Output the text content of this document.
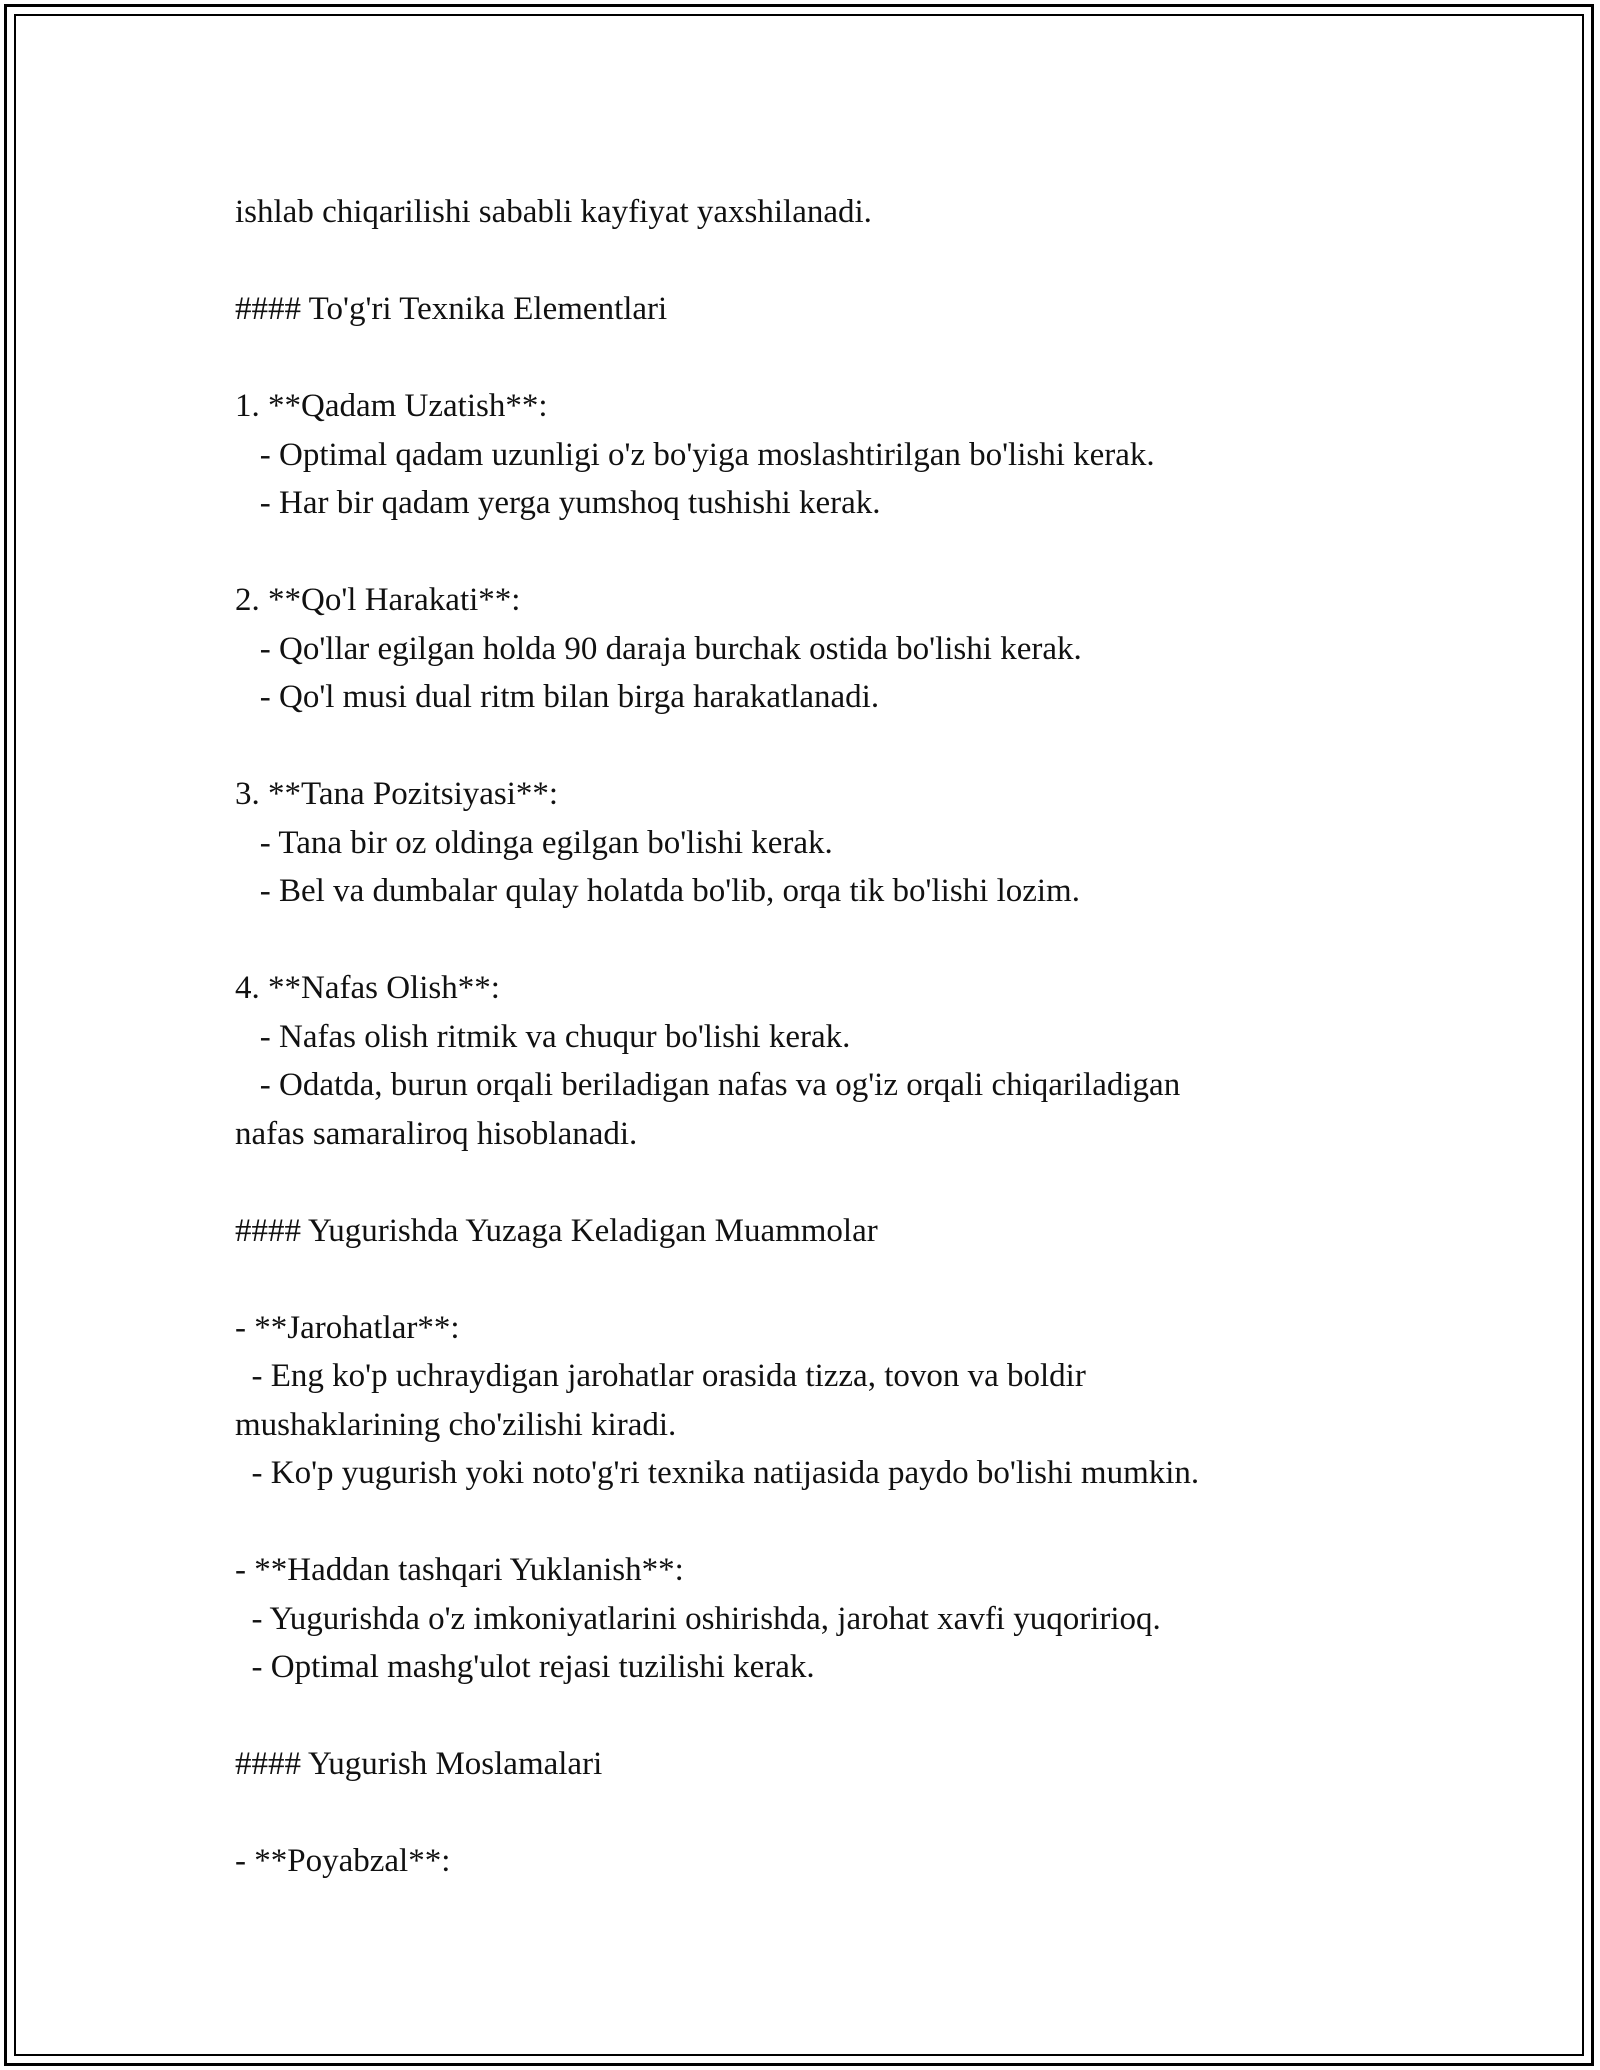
ishlab chiqarilishi sababli kayfiyat yaxshilanadi.
#### To'g'ri Texnika Elementlari
1. **Qadam Uzatish**:
- Optimal qadam uzunligi o'z bo'yiga moslashtirilgan bo'lishi kerak.
- Har bir qadam yerga yumshoq tushishi kerak.
2. **Qo'l Harakati**:
- Qo'llar egilgan holda 90 daraja burchak ostida bo'lishi kerak.
- Qo'l musi dual ritm bilan birga harakatlanadi.
3. **Tana Pozitsiyasi**:
- Tana bir oz oldinga egilgan bo'lishi kerak.
- Bel va dumbalar qulay holatda bo'lib, orqa tik bo'lishi lozim.
4. **Nafas Olish**:
- Nafas olish ritmik va chuqur bo'lishi kerak.
- Odatda, burun orqali beriladigan nafas va og'iz orqali chiqariladigan
nafas samaraliroq hisoblanadi.
#### Yugurishda Yuzaga Keladigan Muammolar
- **Jarohatlar**:
- Eng ko'p uchraydigan jarohatlar orasida tizza, tovon va boldir
mushaklarining cho'zilishi kiradi.
- Ko'p yugurish yoki noto'g'ri texnika natijasida paydo bo'lishi mumkin.
- **Haddan tashqari Yuklanish**:
- Yugurishda o'z imkoniyatlarini oshirishda, jarohat xavfi yuqoririoq.
- Optimal mashg'ulot rejasi tuzilishi kerak.
#### Yugurish Moslamalari
- **Poyabzal**:
